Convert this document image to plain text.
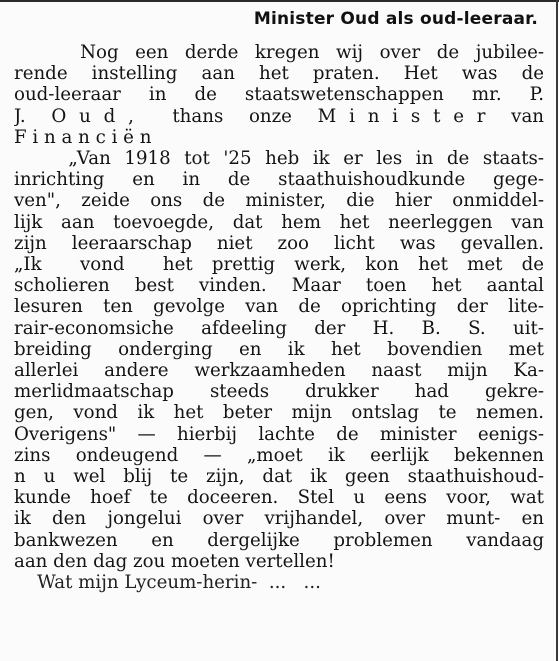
Minister Oud als oud-leeraar.
Nog een derde kregen wij over de jubilee-
rende instelling aan het praten. Het was de
oud-leeraar in de staatswetenschappen mr. P.
J.  O u d ,   thans  onze  M i n i s t e r  van
F i n a n c i ë n
„Van 1918 tot '25 heb ik er les in de staats-
inrichting en in de staathuishoudkunde gege-
ven", zeide ons de minister, die hier onmiddel-
lijk aan toevoegde, dat hem het neerleggen van
zijn leeraarschap niet zoo licht was gevallen.
„Ik  vond  het prettig werk, kon het met de
scholieren best vinden. Maar toen het aantal
lesuren ten gevolge van de oprichting der lite-
rair-economsiche afdeeling der H. B. S. uit-
breiding onderging en ik het bovendien met
allerlei andere werkzaamheden naast mijn Ka-
merlidmaatschap steeds drukker had gekre-
gen, vond ik het beter mijn ontslag te nemen.
Overigens" — hierbij lachte de minister eenigs-
zins ondeugend — „moet ik eerlijk bekennen
n u wel blij te zijn, dat ik geen staathuishoud-
kunde hoef te doceeren. Stel u eens voor, wat
ik den jongelui over vrijhandel, over munt- en
bankwezen en dergelijke problemen vandaag
aan den dag zou moeten vertellen!
Wat mijn Lyceum-herin-  ...   ...
